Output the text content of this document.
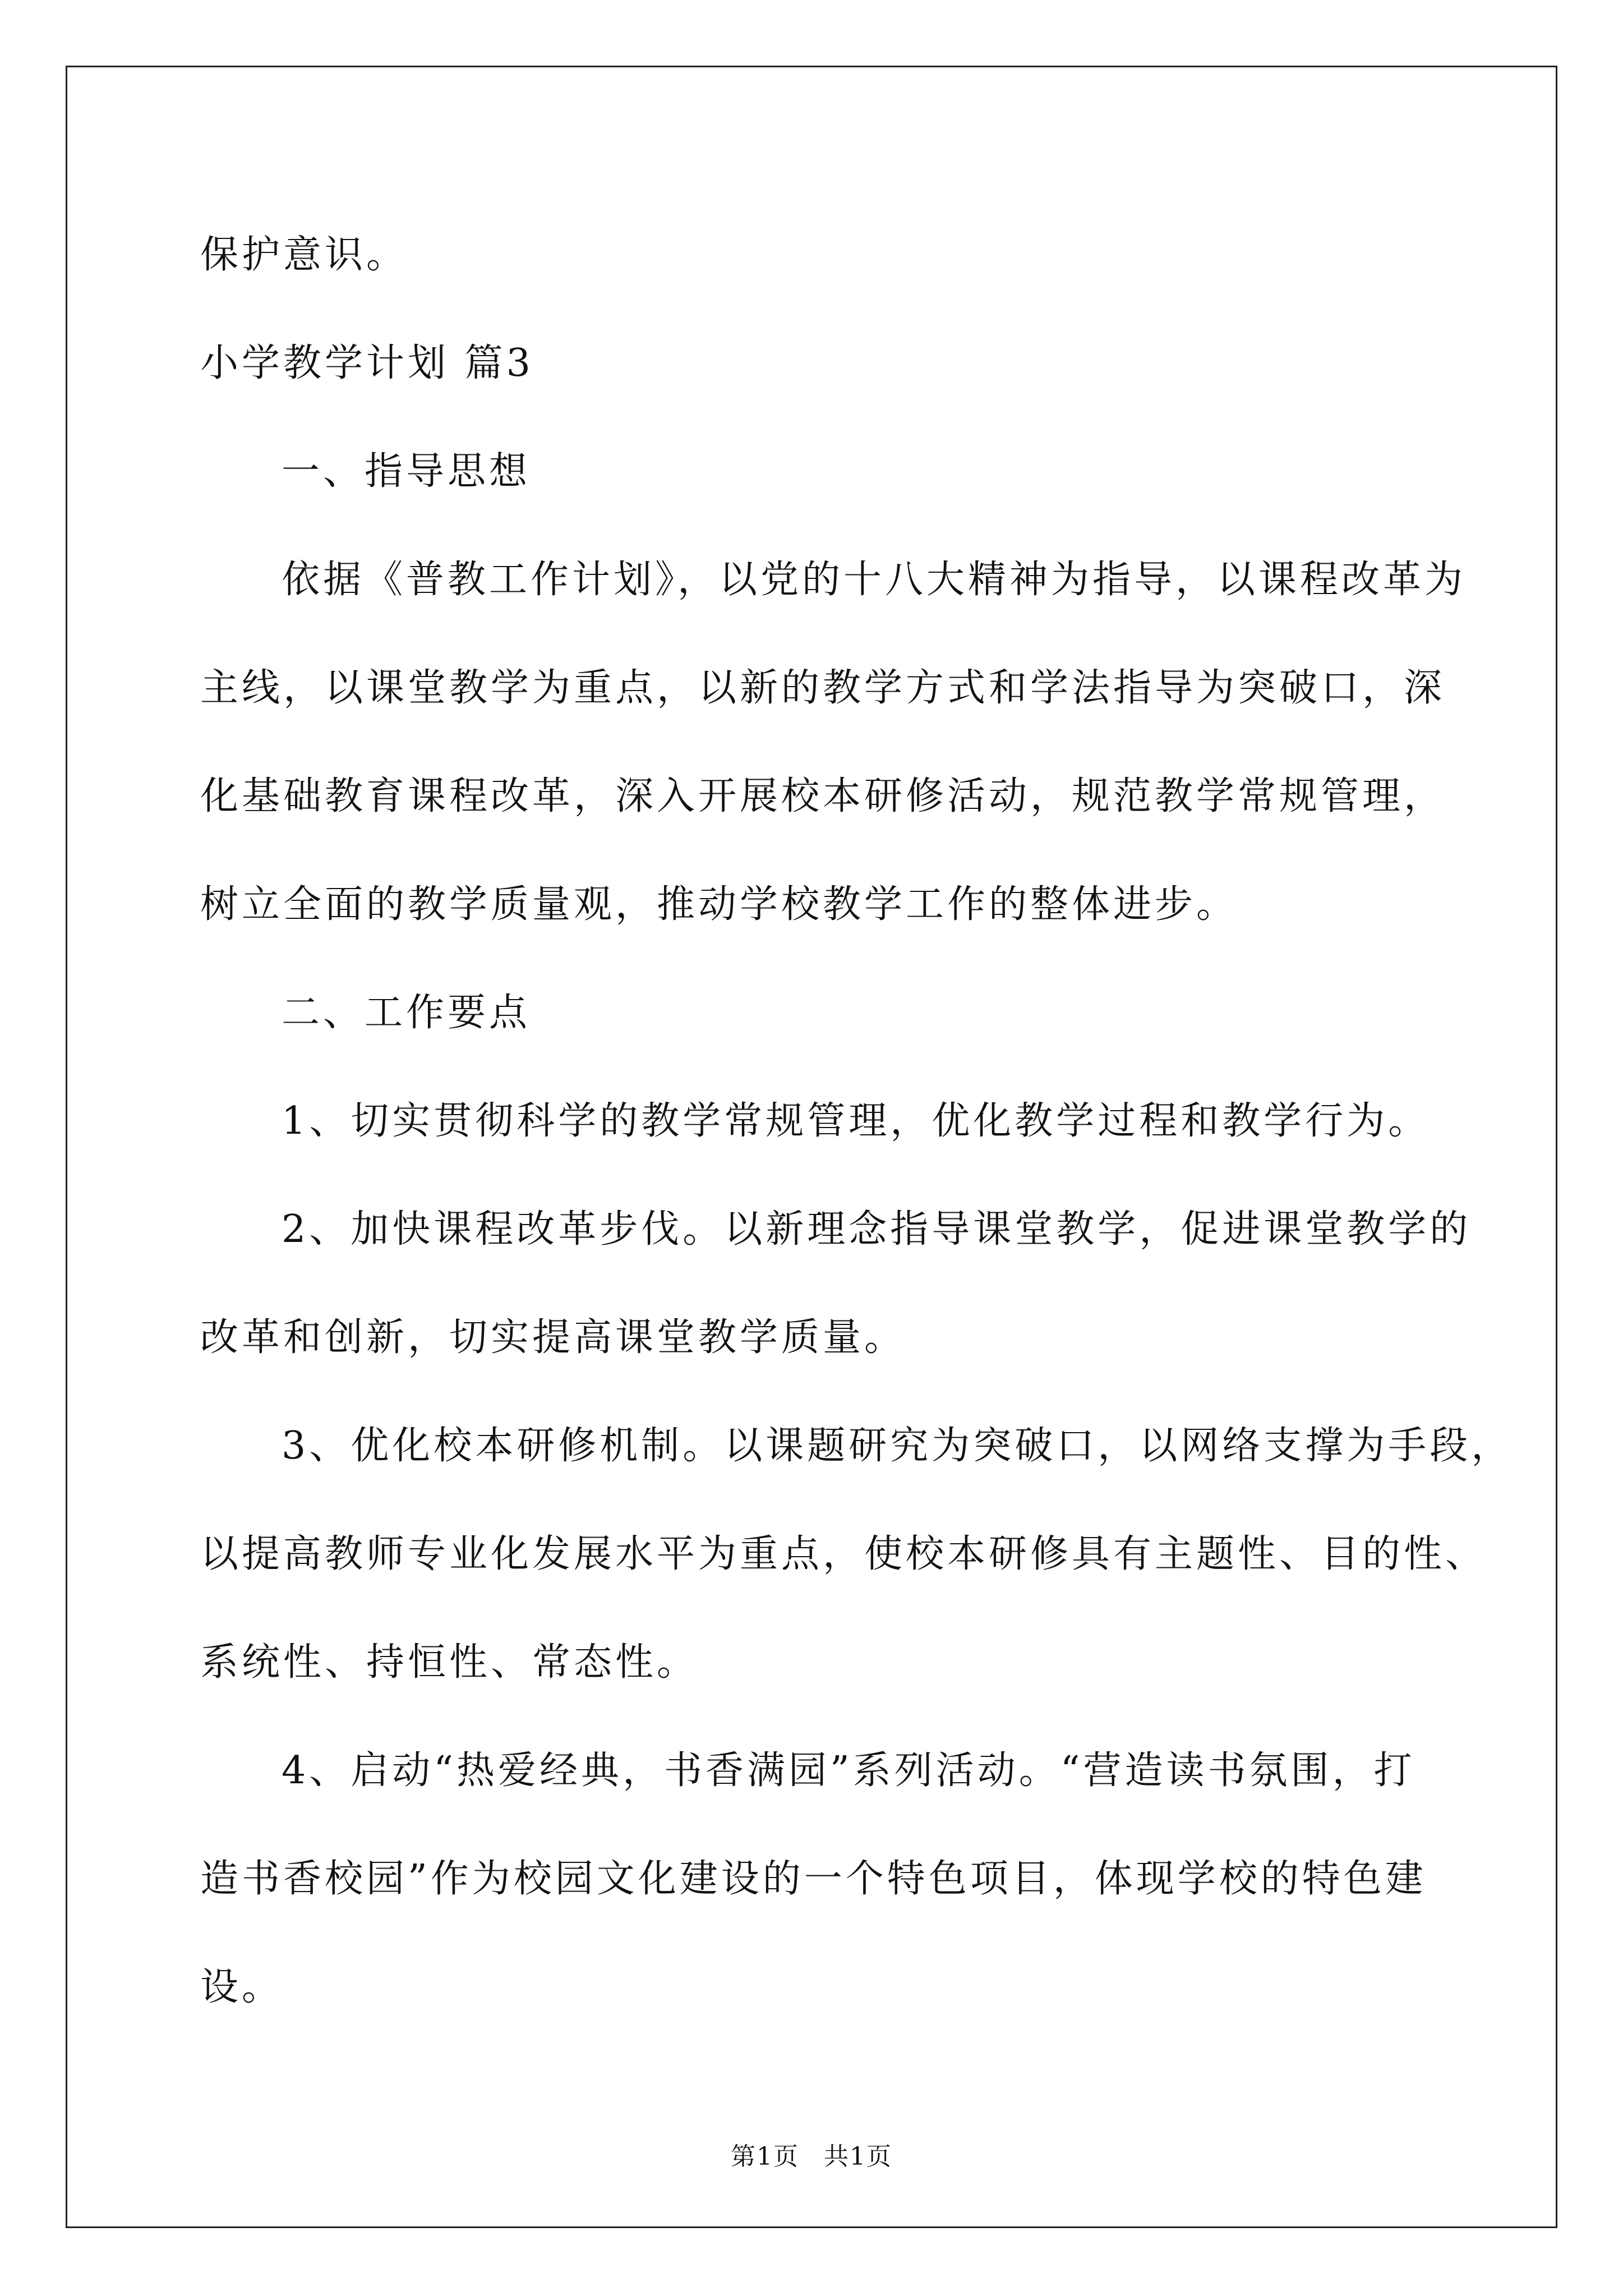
保护意识。

小学教学计划 篇3

一、指导思想

依据《普教工作计划》，以党的十八大精神为指导，以课程改革为

主线，以课堂教学为重点，以新的教学方式和学法指导为突破口，深

化基础教育课程改革，深入开展校本研修活动，规范教学常规管理，

树立全面的教学质量观，推动学校教学工作的整体进步。

二、工作要点

1、切实贯彻科学的教学常规管理，优化教学过程和教学行为。

2、加快课程改革步伐。以新理念指导课堂教学，促进课堂教学的

改革和创新，切实提高课堂教学质量。

3、优化校本研修机制。以课题研究为突破口，以网络支撑为手段，

以提高教师专业化发展水平为重点，使校本研修具有主题性、目的性、

系统性、持恒性、常态性。

4、启动“热爱经典，书香满园”系列活动。“营造读书氛围，打

造书香校园”作为校园文化建设的一个特色项目，体现学校的特色建

设。

第1页 共1页
